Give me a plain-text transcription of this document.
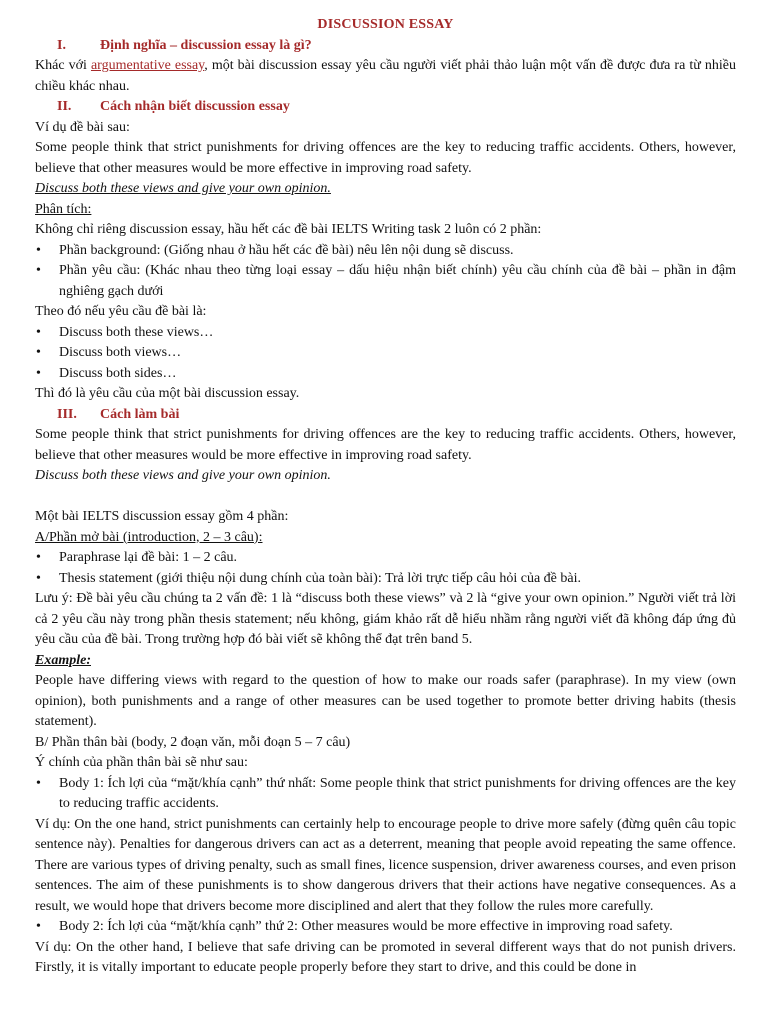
DISCUSSION ESSAY
I.	Định nghĩa – discussion essay là gì?

Khác với argumentative essay, một bài discussion essay yêu cầu người viết phải thảo luận một vấn đề được đưa ra từ nhiều chiều khác nhau.

II.	Cách nhận biết discussion essay

Ví dụ đề bài sau:

Some people think that strict punishments for driving offences are the key to reducing traffic accidents. Others, however, believe that other measures would be more effective in improving road safety.

Discuss both these views and give your own opinion.

Phân tích:

Không chỉ riêng discussion essay, hầu hết các đề bài IELTS Writing task 2 luôn có 2 phần:

• Phần background: (Giống nhau ở hầu hết các đề bài) nêu lên nội dung sẽ discuss.
• Phần yêu cầu: (Khác nhau theo từng loại essay – dấu hiệu nhận biết chính) yêu cầu chính của đề bài – phần in đậm nghiêng gạch dưới

Theo đó nếu yêu cầu đề bài là:

• Discuss both these views…
• Discuss both views…
• Discuss both sides…

Thì đó là yêu cầu của một bài discussion essay.

III.	Cách làm bài

Some people think that strict punishments for driving offences are the key to reducing traffic accidents. Others, however, believe that other measures would be more effective in improving road safety.

Discuss both these views and give your own opinion.

Một bài IELTS discussion essay gồm 4 phần:

A/Phần mở bài (introduction, 2 – 3 câu):

• Paraphrase lại đề bài: 1 – 2 câu.
• Thesis statement (giới thiệu nội dung chính của toàn bài): Trả lời trực tiếp câu hỏi của đề bài.

Lưu ý: Đề bài yêu cầu chúng ta 2 vấn đề: 1 là “discuss both these views” và 2 là “give your own opinion.” Người viết trả lời cả 2 yêu cầu này trong phần thesis statement; nếu không, giám khảo rất dễ hiểu nhầm rằng người viết đã không đáp ứng đủ yêu cầu của đề bài. Trong trường hợp đó bài viết sẽ không thể đạt trên band 5.

Example:

People have differing views with regard to the question of how to make our roads safer (paraphrase). In my view (own opinion), both punishments and a range of other measures can be used together to promote better driving habits (thesis statement).

B/ Phần thân bài (body, 2 đoạn văn, mỗi đoạn 5 – 7 câu)

Ý chính của phần thân bài sẽ như sau:

• Body 1: Ích lợi của “mặt/khía cạnh” thứ nhất: Some people think that strict punishments for driving offences are the key to reducing traffic accidents.

Ví dụ: On the one hand, strict punishments can certainly help to encourage people to drive more safely (đừng quên câu topic sentence này). Penalties for dangerous drivers can act as a deterrent, meaning that people avoid repeating the same offence. There are various types of driving penalty, such as small fines, licence suspension, driver awareness courses, and even prison sentences. The aim of these punishments is to show dangerous drivers that their actions have negative consequences. As a result, we would hope that drivers become more disciplined and alert that they follow the rules more carefully.

• Body 2: Ích lợi của “mặt/khía cạnh” thứ 2: Other measures would be more effective in improving road safety.

Ví dụ: On the other hand, I believe that safe driving can be promoted in several different ways that do not punish drivers. Firstly, it is vitally important to educate people properly before they start to drive, and this could be done in
